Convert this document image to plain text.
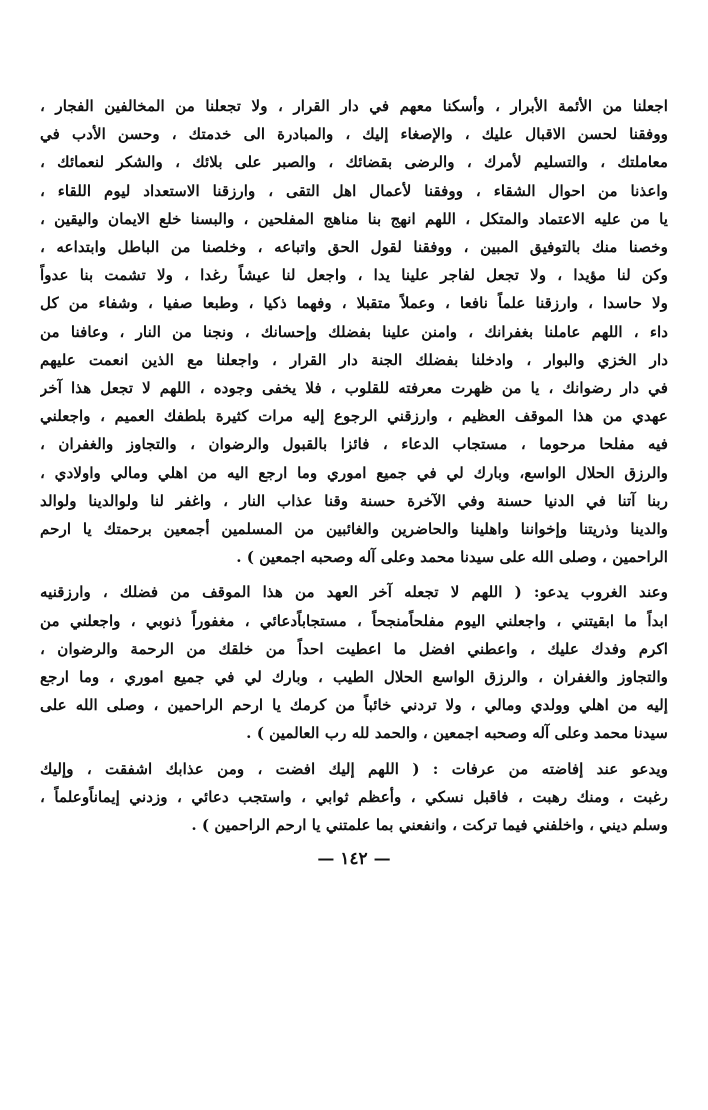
اجعلنا من الأئمة الأبرار ، وأسكنا معهم في دار القرار ، ولا تجعلنا من المخالفين الفجار ،
ووفقنا لحسن الاقبال عليك ، والإصغاء إليك ، والمبادرة الى خدمتك ، وحسن الأدب في
معاملتك ، والتسليم لأمرك ، والرضى بقضائك ، والصبر على بلائك ، والشكر لنعمائك ،
واعذنا من احوال الشقاء ، ووفقنا لأعمال اهل التقى ، وارزقنا الاستعداد ليوم اللقاء ،
يا من عليه الاعتماد والمتكل ، اللهم انهج بنا مناهج المفلحين ، والبسنا خلع الايمان واليقين ،
وخصنا منك بالتوفيق المبين ، ووفقنا لقول الحق واتباعه ، وخلصنا من الباطل وابتداعه ،
وكن لنا مؤيدا ، ولا تجعل لفاجر علينا يدا ، واجعل لنا عيشاً رغدا ، ولا تشمت بنا عدواً
ولا حاسدا ، وارزقنا علماً نافعا ، وعملاً متقبلا ، وفهما ذكيا ، وطبعا صفيا ، وشفاء من كل
داء ، اللهم عاملنا بغفرانك ، وامنن علينا بفضلك وإحسانك ، ونجنا من النار ، وعافنا من
دار الخزي والبوار ، وادخلنا بفضلك الجنة دار القرار ، واجعلنا مع الذين انعمت عليهم
في دار رضوانك ، يا من ظهرت معرفته للقلوب ، فلا يخفى وجوده ، اللهم لا تجعل هذا آخر
عهدي من هذا الموقف العظيم ، وارزقني الرجوع إليه مرات كثيرة بلطفك العميم ، واجعلني
فيه مفلحا مرحوما ، مستجاب الدعاء ، فائزا بالقبول والرضوان ، والتجاوز والغفران ،
والرزق الحلال الواسع، وبارك لي في جميع اموري وما ارجع اليه من اهلي ومالي واولادي ،
ربنا آتنا في الدنيا حسنة وفي الآخرة حسنة وقنا عذاب النار ، واغفر لنا ولوالدينا ولوالد
والدينا وذريتنا وإخواننا واهلينا والحاضرين والغائبين من المسلمين أجمعين برحمتك يا ارحم
الراحمين ، وصلى الله على سيدنا محمد وعلى آله وصحبه اجمعين ) .
وعند الغروب يدعو: ( اللهم لا تجعله آخر العهد من هذا الموقف من فضلك ، وارزقنيه
ابداً ما ابقيتني ، واجعلني اليوم مفلحاًمنجحاً ، مستجاباًدعائي ، مغفوراً ذنوبي ، واجعلني من
اكرم وفدك عليك ، واعطني افضل ما اعطيت احداً من خلقك من الرحمة والرضوان ،
والتجاوز والغفران ، والرزق الواسع الحلال الطيب ، وبارك لي في جميع اموري ، وما ارجع
إليه من اهلي وولدي ومالي ، ولا تردني خائباً من كرمك يا ارحم الراحمين ، وصلى الله على
سيدنا محمد وعلى آله وصحبه اجمعين ، والحمد لله رب العالمين ) .
ويدعو عند إفاضته من عرفات : ( اللهم إليك افضت ، ومن عذابك اشفقت ، وإليك
رغبت ، ومنك رهبت ، فاقبل نسكي ، وأعظم ثوابي ، واستجب دعائي ، وزدني إيماناًوعلماً ،
وسلم ديني ، واخلفني فيما تركت ، وانفعني بما علمتني يا ارحم الراحمين ) .
— ١٤٢ —
